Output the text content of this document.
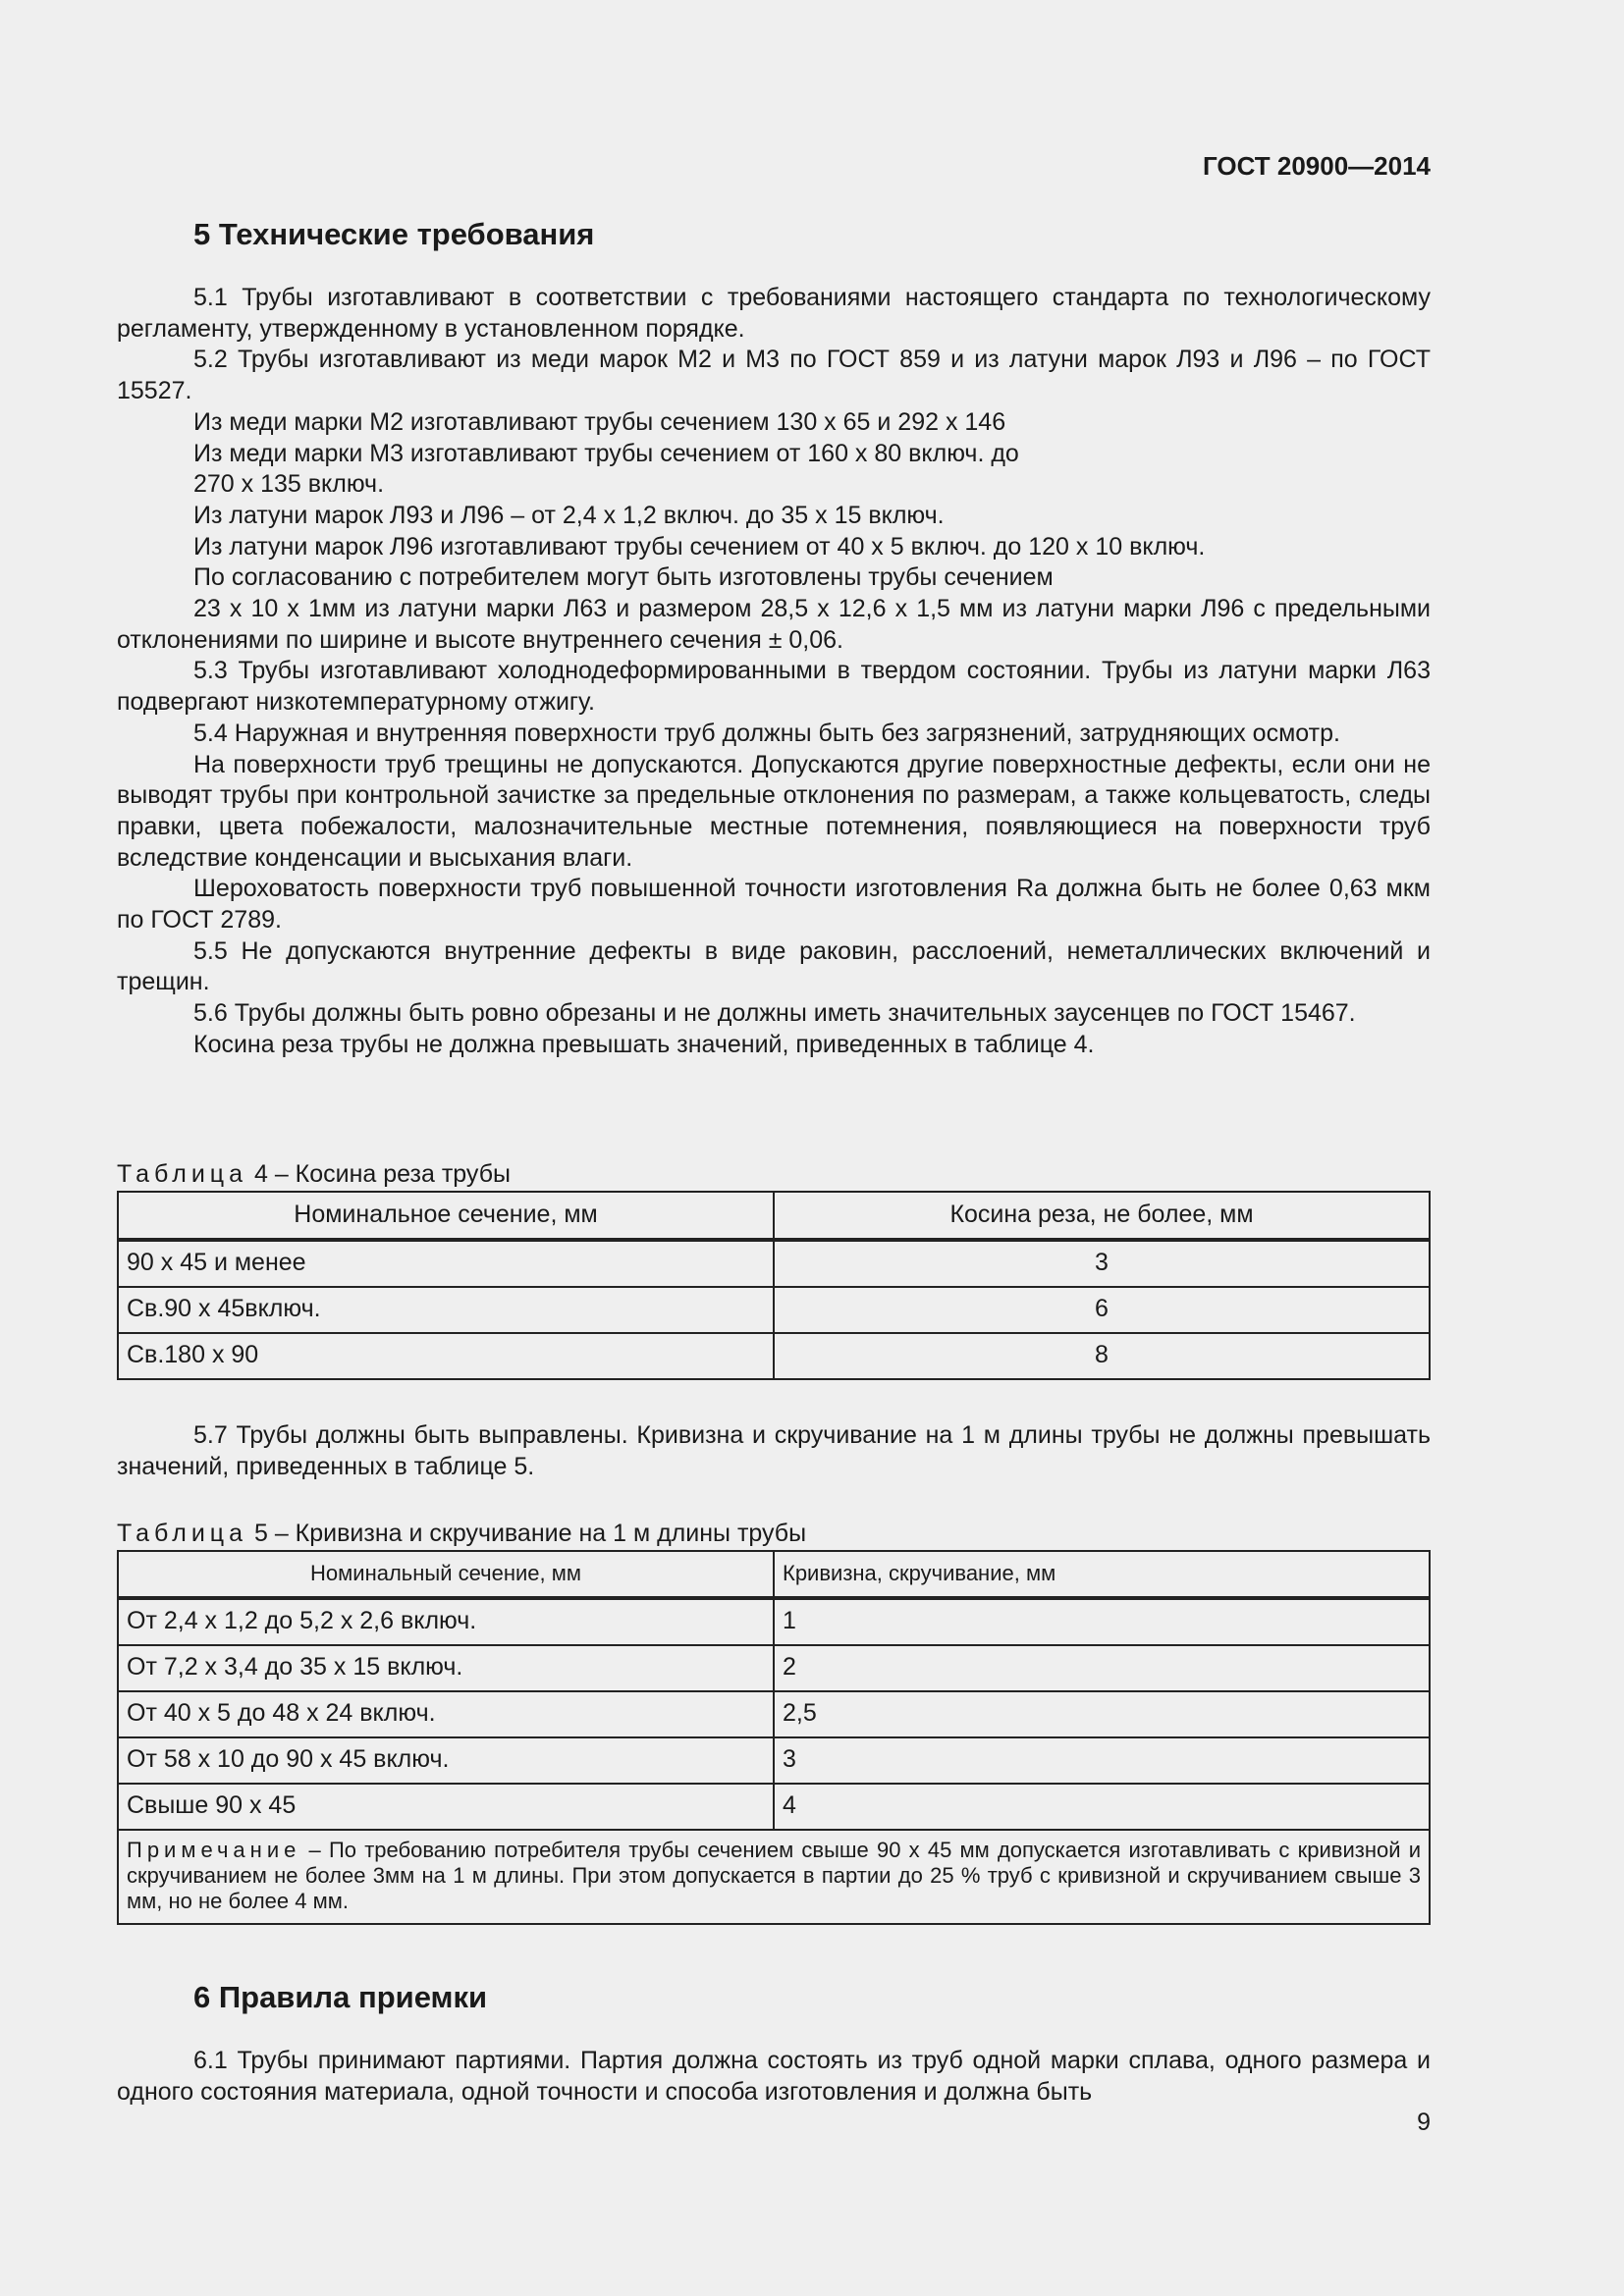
ГОСТ 20900—2014
5 Технические требования

5.1 Трубы изготавливают в соответствии с требованиями настоящего стандарта по технологическому регламенту, утвержденному в установленном порядке.

5.2 Трубы изготавливают из меди марок М2 и М3 по ГОСТ 859 и из латуни марок Л93 и Л96 – по ГОСТ 15527.

Из меди марки М2 изготавливают трубы сечением 130 х 65 и 292 х 146

Из меди марки М3 изготавливают трубы сечением от 160 х 80 включ. до

270 х 135 включ.

Из латуни марок Л93 и Л96 – от 2,4 х 1,2 включ. до 35 х 15 включ.

Из латуни марок Л96 изготавливают трубы сечением от 40 х 5 включ. до 120 х 10 включ.

По согласованию с потребителем могут быть изготовлены трубы сечением

23 х 10 х 1мм из латуни марки Л63 и размером 28,5 х 12,6 х 1,5 мм из латуни марки Л96 с предельными отклонениями по ширине и высоте внутреннего сечения ± 0,06.

5.3 Трубы изготавливают холоднодеформированными в твердом состоянии. Трубы из латуни марки Л63 подвергают низкотемпературному отжигу.

5.4 Наружная и внутренняя поверхности труб должны быть без загрязнений, затрудняющих осмотр.

На поверхности труб трещины не допускаются. Допускаются другие поверхностные дефекты, если они не выводят трубы при контрольной зачистке за предельные отклонения по размерам, а также кольцеватость, следы правки, цвета побежалости, малозначительные местные потемнения, появляющиеся на поверхности труб вследствие конденсации и высыхания влаги.

Шероховатость поверхности труб повышенной точности изготовления Ra должна быть не более 0,63 мкм по ГОСТ 2789.

5.5 Не допускаются внутренние дефекты в виде раковин, расслоений, неметаллических включений и трещин.

5.6 Трубы должны быть ровно обрезаны и не должны иметь значительных заусенцев по ГОСТ 15467.

Косина реза трубы не должна превышать значений, приведенных в таблице 4.

Таблица 4 – Косина реза трубы

Номинальное сечение, мм	Косина реза, не более, мм
90 х 45 и менее	3
Св.90 х 45включ.	6
Св.180 х 90	8

5.7 Трубы должны быть выправлены. Кривизна и скручивание на 1 м длины трубы не должны превышать значений, приведенных в таблице 5.

Таблица 5 – Кривизна и скручивание на 1 м длины трубы

Номинальный сечение, мм	Кривизна, скручивание, мм
От 2,4 х 1,2 до 5,2 х 2,6 включ.	1
От 7,2 х 3,4 до 35 х 15 включ.	2
От 40 х 5 до 48 х 24 включ.	2,5
От 58 х 10 до 90 х 45 включ.	3
Свыше 90 х 45	4
Примечание – По требованию потребителя трубы сечением свыше 90 х 45 мм допускается изготавливать с кривизной и скручиванием не более 3мм на 1 м длины. При этом допускается в партии до 25 % труб с кривизной и скручиванием свыше 3 мм, но не более 4 мм.	
6 Правила приемки

6.1 Трубы принимают партиями. Партия должна состоять из труб одной марки сплава, одного размера и одного состояния материала, одной точности и способа изготовления и должна быть

9
